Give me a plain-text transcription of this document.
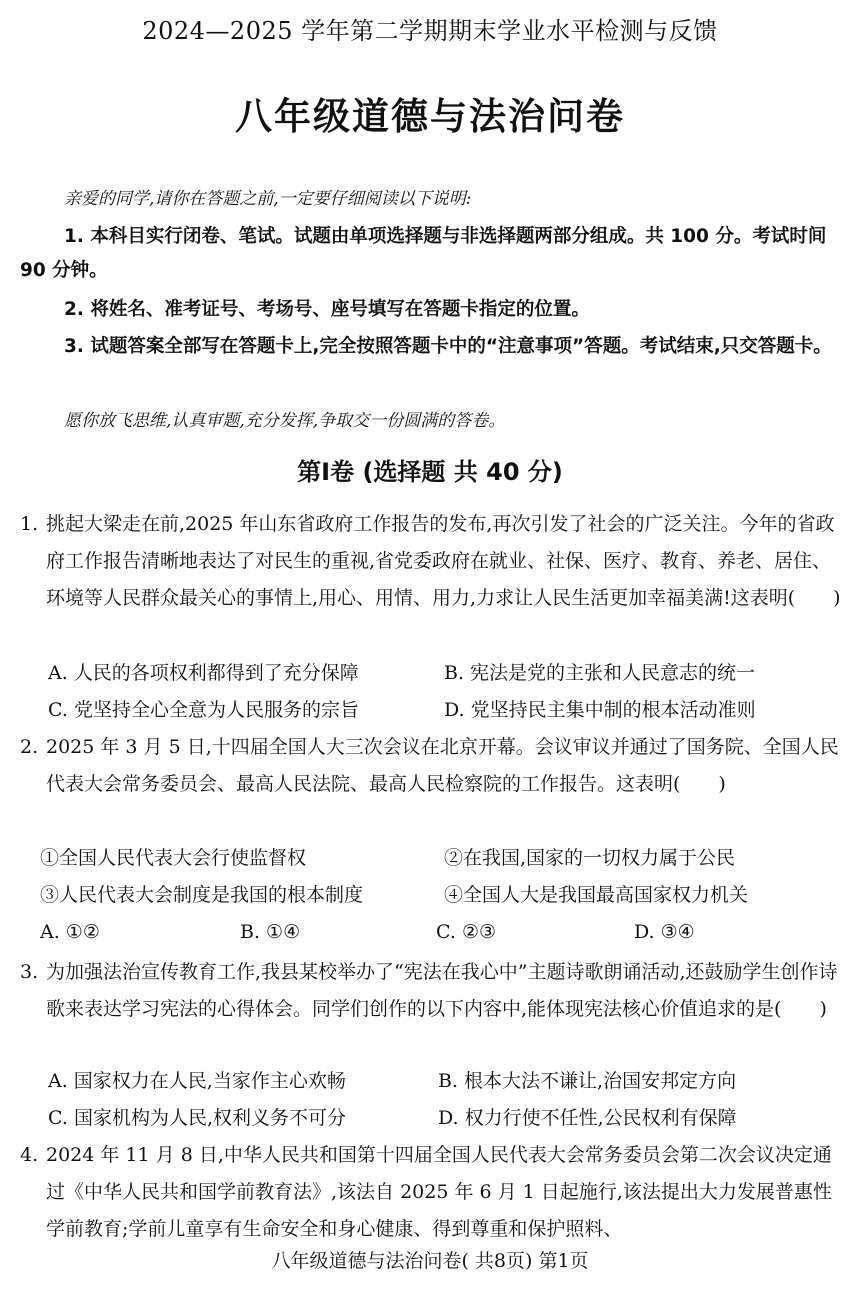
2024—2025 学年第二学期期末学业水平检测与反馈
八年级道德与法治问卷
亲爱的同学,请你在答题之前,一定要仔细阅读以下说明:
1. 本科目实行闭卷、笔试。试题由单项选择题与非选择题两部分组成。共 100 分。考试时间 90 分钟。
2. 将姓名、准考证号、考场号、座号填写在答题卡指定的位置。
3. 试题答案全部写在答题卡上,完全按照答题卡中的“注意事项”答题。考试结束,只交答题卡。
愿你放飞思维,认真审题,充分发挥,争取交一份圆满的答卷。
第Ⅰ卷 (选择题 共 40 分)
1. 挑起大梁走在前,2025 年山东省政府工作报告的发布,再次引发了社会的广泛关注。今年的省政府工作报告清晰地表达了对民生的重视,省党委政府在就业、社保、医疗、教育、养老、居住、环境等人民群众最关心的事情上,用心、用情、用力,力求让人民生活更加幸福美满!这表明(　　)
A. 人民的各项权利都得到了充分保障	B. 宪法是党的主张和人民意志的统一
C. 党坚持全心全意为人民服务的宗旨	D. 党坚持民主集中制的根本活动准则
2. 2025 年 3 月 5 日,十四届全国人大三次会议在北京开幕。会议审议并通过了国务院、全国人民代表大会常务委员会、最高人民法院、最高人民检察院的工作报告。这表明(　　)
①全国人民代表大会行使监督权	②在我国,国家的一切权力属于公民
③人民代表大会制度是我国的根本制度	④全国人大是我国最高国家权力机关
A. ①②	B. ①④	C. ②③	D. ③④
3. 为加强法治宣传教育工作,我县某校举办了“宪法在我心中”主题诗歌朗诵活动,还鼓励学生创作诗歌来表达学习宪法的心得体会。同学们创作的以下内容中,能体现宪法核心价值追求的是(　　)
A. 国家权力在人民,当家作主心欢畅	B. 根本大法不谦让,治国安邦定方向
C. 国家机构为人民,权利义务不可分	D. 权力行使不任性,公民权利有保障
4. 2024 年 11 月 8 日,中华人民共和国第十四届全国人民代表大会常务委员会第二次会议决定通过《中华人民共和国学前教育法》,该法自 2025 年 6 月 1 日起施行,该法提出大力发展普惠性学前教育;学前儿童享有生命安全和身心健康、得到尊重和保护照料、
八年级道德与法治问卷( 共8页) 第1页
